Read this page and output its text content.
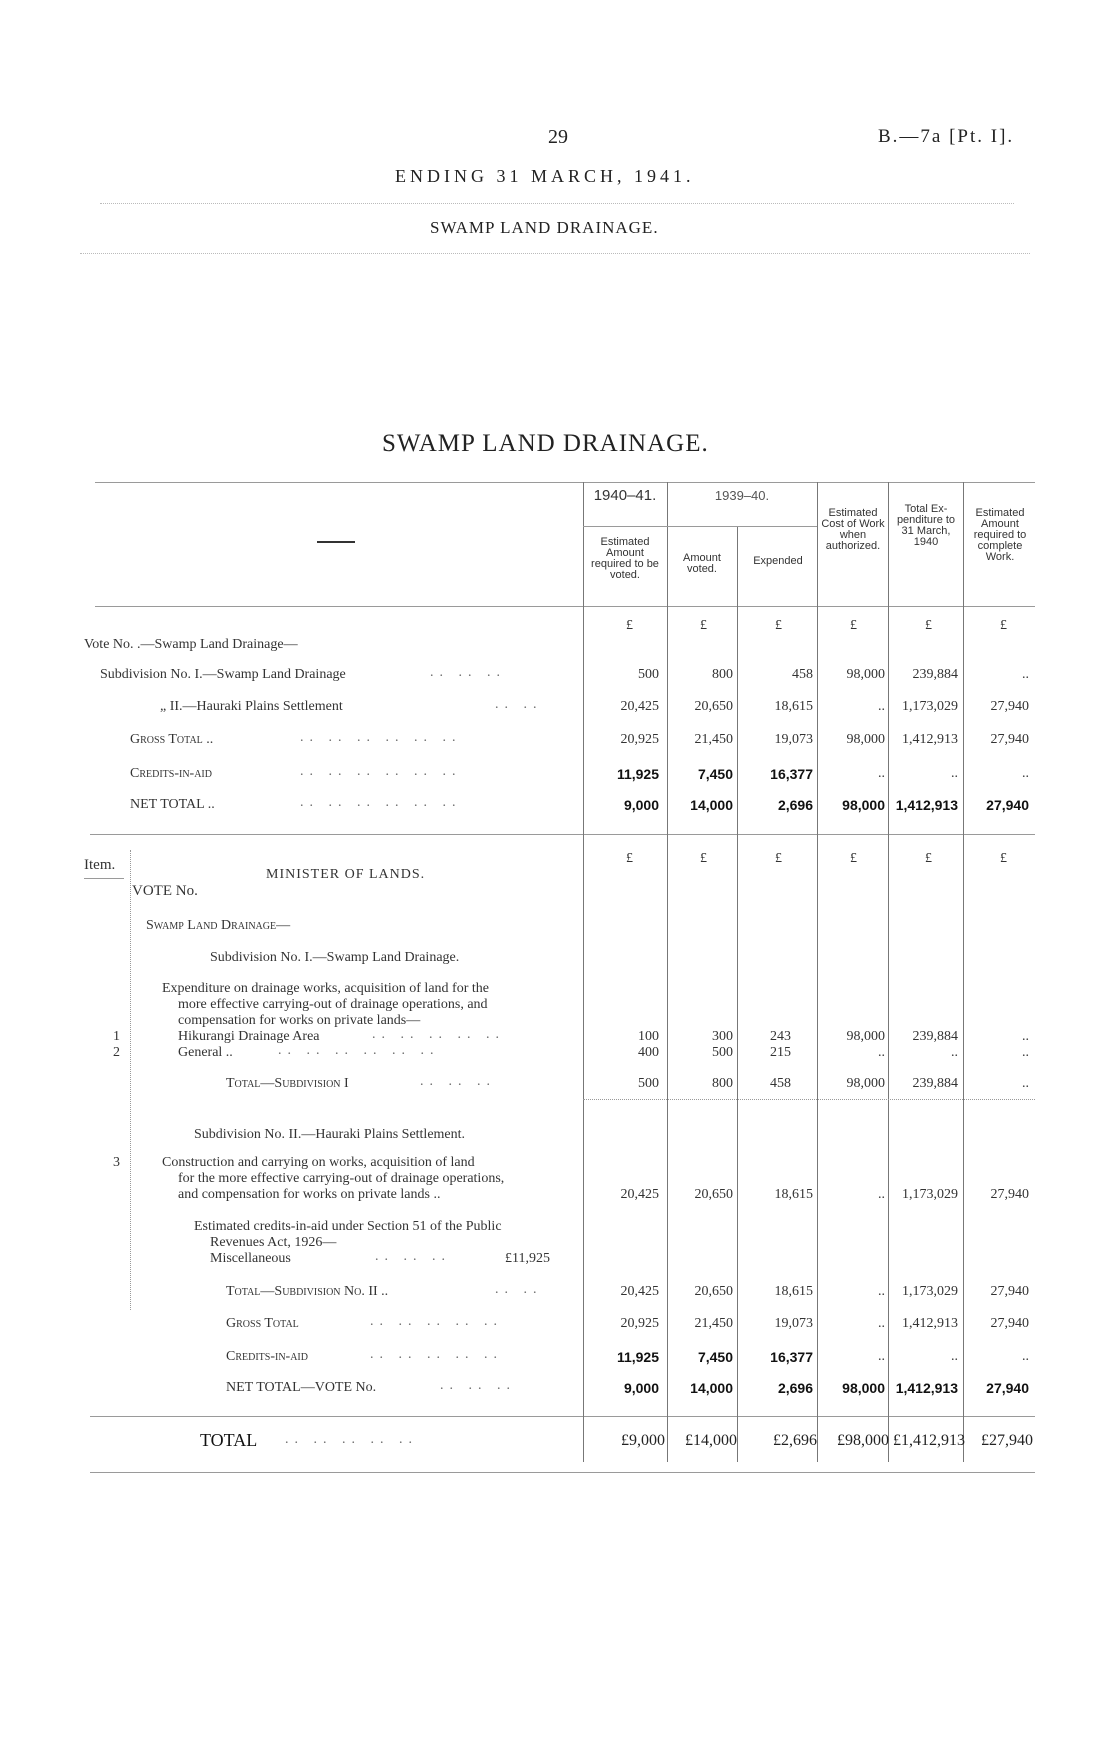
29	B.—7a [Pt. I].
ENDING 31 MARCH, 1941.
SWAMP LAND DRAINAGE.
SWAMP LAND DRAINAGE.
1940–41.	1939–40.
Estimated Amount required to be voted.
Amount voted.
Expended
Estimated Cost of Work when authorized.
Total Ex-penditure to 31 March, 1940
Estimated Amount required to complete Work.
£	£	£	£	£	£
Vote No. .—Swamp Land Drainage—
Subdivision No. I.—Swamp Land Drainage	.. .. ..	500	800	458	98,000	239,884	..
„ II.—Hauraki Plains Settlement	.. ..	20,425	20,650	18,615	..	1,173,029	27,940
Gross Total ..	.. .. .. .. .. ..	20,925	21,450	19,073	98,000	1,412,913	27,940
Credits-in-aid	.. .. .. .. .. ..	11,925	7,450	16,377	..	..	..
NET TOTAL ..	.. .. .. .. .. ..	9,000	14,000	2,696	98,000 1,412,913	27,940
Item.	£	£	£	£	£	£
MINISTER OF LANDS.
VOTE No.
Swamp Land Drainage—
Subdivision No. I.—Swamp Land Drainage.
Expenditure on drainage works, acquisition of land for the
more effective carrying-out of drainage operations, and
compensation for works on private lands—
1	Hikurangi Drainage Area	.. .. .. .. ..	100	300	243	98,000	239,884	..
2	General ..	.. .. .. .. .. ..	400	500	215	..	..	..
Total—Subdivision I	.. .. ..	500	800	458	98,000	239,884	..
Subdivision No. II.—Hauraki Plains Settlement.
3	Construction and carrying on works, acquisition of land
for the more effective carrying-out of drainage operations,
and compensation for works on private lands ..	20,425	20,650	18,615	..	1,173,029	27,940
Estimated credits-in-aid under Section 51 of the Public
Revenues Act, 1926—
Miscellaneous	.. .. ..	£11,925
Total—Subdivision No. II ..	.. ..	20,425	20,650	18,615	..	1,173,029	27,940
Gross Total	.. .. .. .. ..	20,925	21,450	19,073	..	1,412,913	27,940
Credits-in-aid	.. .. .. .. ..	11,925	7,450	16,377	..	..	..
NET TOTAL—VOTE No.	.. .. ..	9,000	14,000	2,696	98,000 1,412,913	27,940
TOTAL .. .. .. .. ..	£9,000	£14,000	£2,696	£98,000 £1,412,913	£27,940
